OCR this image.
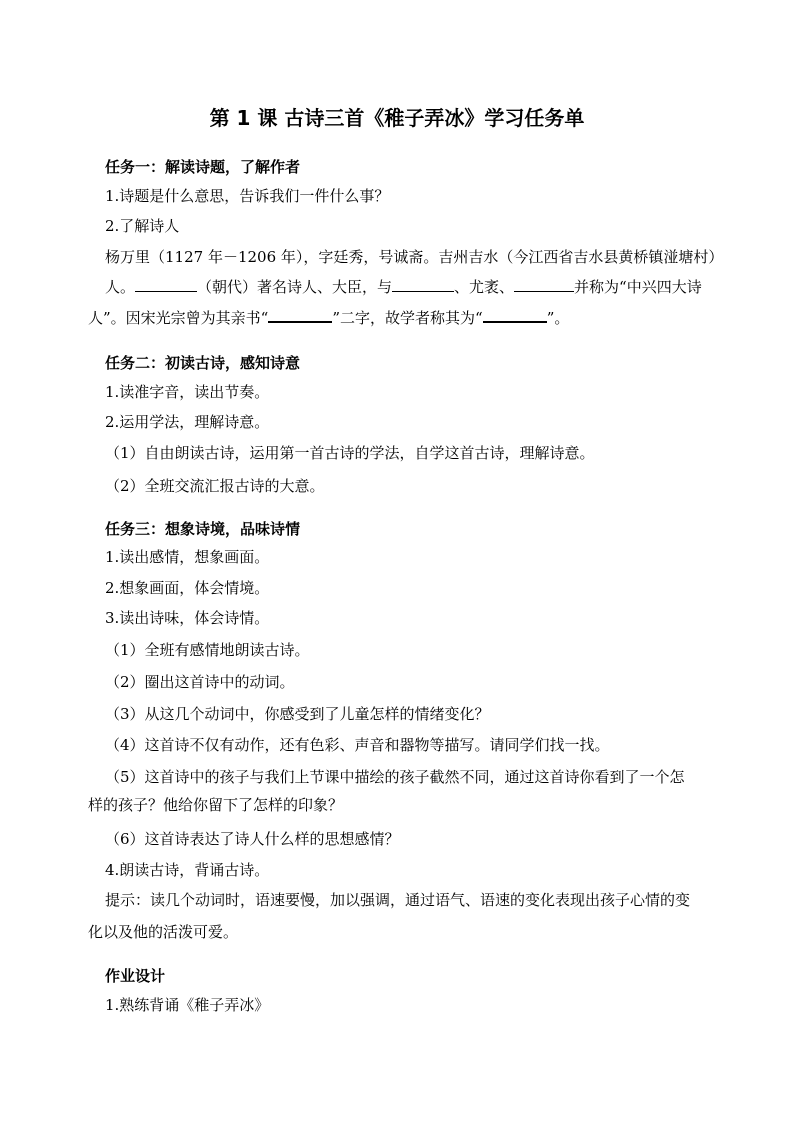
第 1 课 古诗三首《稚子弄冰》学习任务单
任务一：解读诗题，了解作者
1.诗题是什么意思，告诉我们一件什么事？
2.了解诗人
杨万里（1127 年－1206 年），字廷秀，号诚斋。吉州吉水（今江西省吉水县黄桥镇湴塘村）
人。	（朝代）著名诗人、大臣，与	、尤袤、	并称为“中兴四大诗
人”。因宋光宗曾为其亲书“	”二字，故学者称其为“	”。
任务二：初读古诗，感知诗意
1.读准字音，读出节奏。
2.运用学法，理解诗意。
（1）自由朗读古诗，运用第一首古诗的学法，自学这首古诗，理解诗意。
（2）全班交流汇报古诗的大意。
任务三：想象诗境，品味诗情
1.读出感情，想象画面。
2.想象画面，体会情境。
3.读出诗味，体会诗情。
（1）全班有感情地朗读古诗。
（2）圈出这首诗中的动词。
（3）从这几个动词中，你感受到了儿童怎样的情绪变化？
（4）这首诗不仅有动作，还有色彩、声音和器物等描写。请同学们找一找。
（5）这首诗中的孩子与我们上节课中描绘的孩子截然不同，通过这首诗你看到了一个怎
样的孩子？他给你留下了怎样的印象？
（6）这首诗表达了诗人什么样的思想感情？
4.朗读古诗，背诵古诗。
提示：读几个动词时，语速要慢，加以强调，通过语气、语速的变化表现出孩子心情的变
化以及他的活泼可爱。
作业设计
1.熟练背诵《稚子弄冰》
